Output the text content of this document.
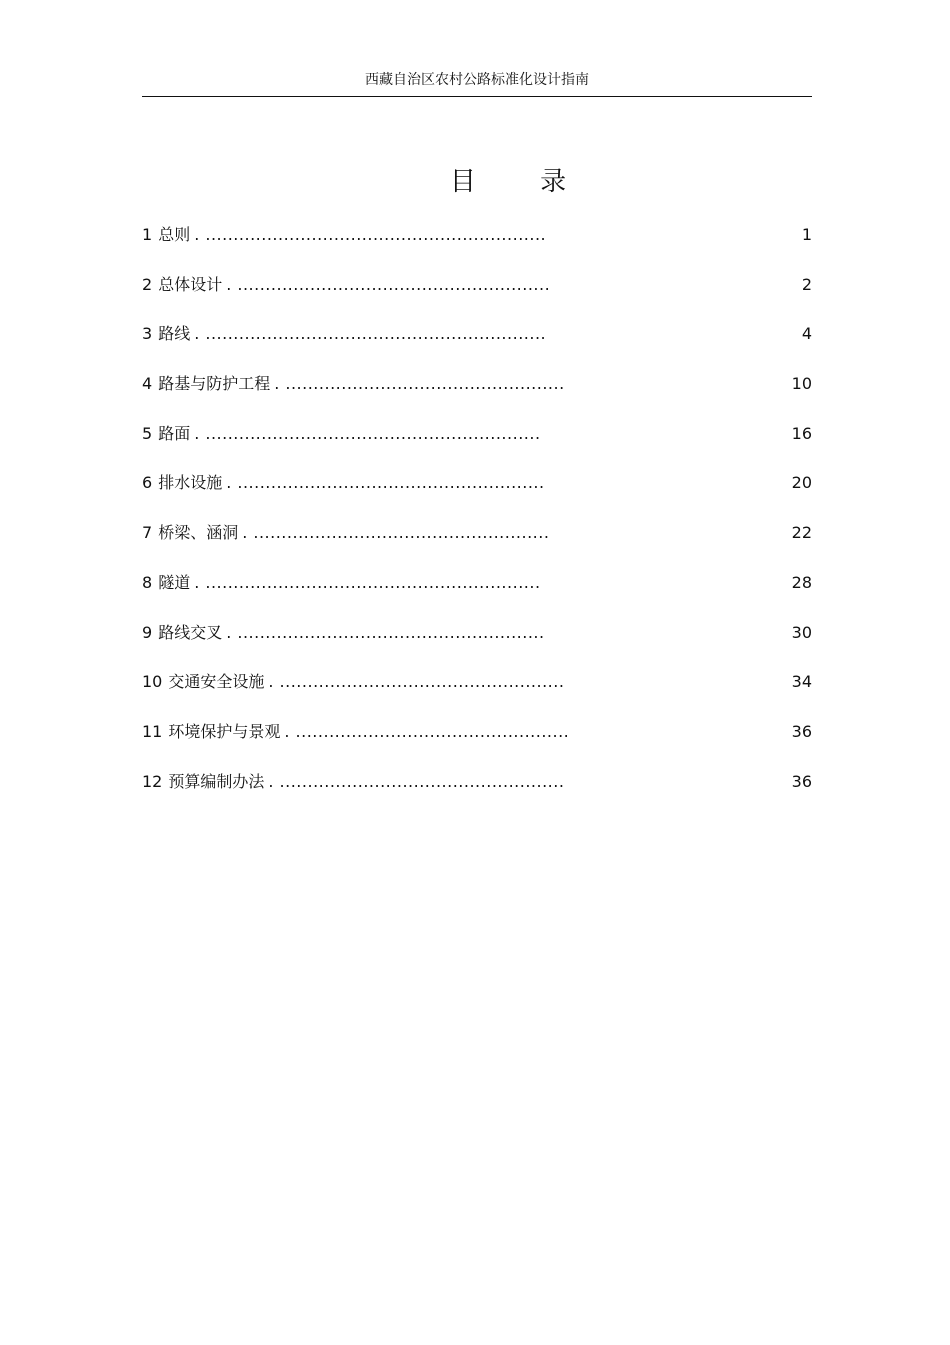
西藏自治区农村公路标准化设计指南
目 录
1 总则 . .............................................................	1
2 总体设计 . ........................................................	2
3 路线 . .............................................................	4
4 路基与防护工程 . ..................................................	10
5 路面 . ............................................................	16
6 排水设施 . .......................................................	20
7 桥梁、涵洞 . .....................................................	22
8 隧道 . ............................................................	28
9 路线交叉 . .......................................................	30
10 交通安全设施 . ...................................................	34
11 环境保护与景观 . .................................................	36
12 预算编制办法 . ...................................................	36
